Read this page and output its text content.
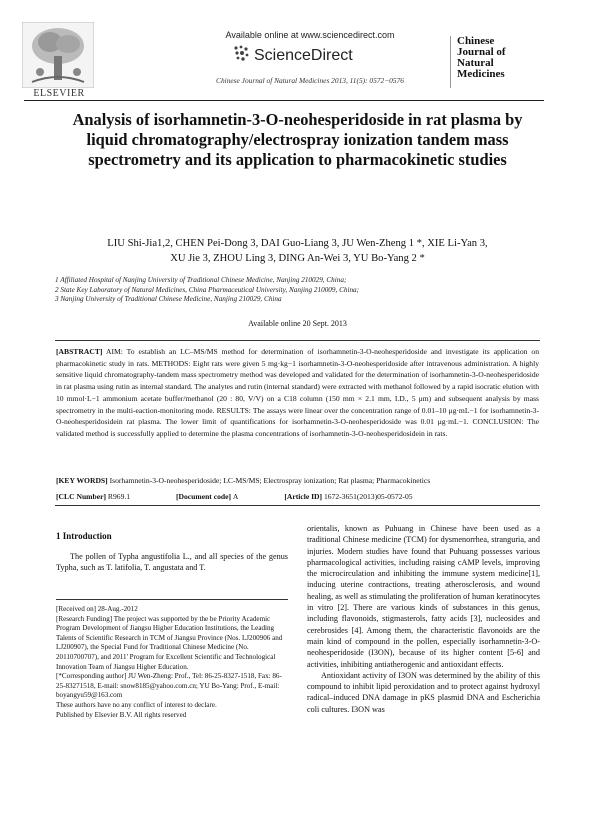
ELSEVIER
Available online at www.sciencedirect.com
ScienceDirect
Chinese Journal of Natural Medicines 2013, 11(5): 0572−0576
Chinese
Journal of
Natural
Medicines
Analysis of isorhamnetin-3-O-neohesperidoside in rat plasma by liquid chromatography/electrospray ionization tandem mass spectrometry and its application to pharmacokinetic studies
LIU Shi-Jia1,2, CHEN Pei-Dong 3, DAI Guo-Liang 3, JU Wen-Zheng 1 *, XIE Li-Yan 3,
XU Jie 3, ZHOU Ling 3, DING An-Wei 3, YU Bo-Yang 2 *
1 Affiliated Hospital of Nanjing University of Traditional Chinese Medicine, Nanjing 210029, China;
2 State Key Laboratory of Natural Medicines, China Pharmaceutical University, Nanjing 210009, China;
3 Nanjing University of Traditional Chinese Medicine, Nanjing 210029, China
Available online 20 Sept. 2013
[ABSTRACT] AIM: To establish an LC–MS/MS method for determination of isorhamnetin-3-O-neohesperidoside and investigate its application on pharmacokinetic study in rats. METHODS: Eight rats were given 5 mg·kg−1 isorhamnetin-3-O-neohesperidoside after intravenous administration. A highly sensitive liquid chromatography-tandem mass spectrometry method was developed and validated for the determination of isorhamnetin-3-O-neohesperidoside in rat plasma using rutin as internal standard. The analytes and rutin (internal standard) were extracted with methanol followed by a rapid isocratic elution with 10 mmol·L−1 ammonium acetate buffer/methanol (20 : 80, V/V) on a C18 column (150 mm × 2.1 mm, I.D., 5 μm) and subsequent analysis by mass spectrometry in the multi-eaction-monitoring mode. RESULTS: The assays were linear over the concentration range of 0.01–10 μg·mL−1 for isorhamnetin-3-O-neohesperidosidein rat plasma. The lower limit of quantifications for isorhamnetin-3-O-neohesperidoside was 0.01 μg·mL−1. CONCLUSION: The validated method is successfully applied to determine the plasma concentrations of isorhamnetin-3-O-neohesperidosidein in rats.
[KEY WORDS] Isorhamnetin-3-O-neohesperidoside; LC-MS/MS; Electrospray ionization; Rat plasma; Pharmacokinetics
[CLC Number] R969.1	[Document code] A	[Article ID] 1672-3651(2013)05-0572-05
1 Introduction
The pollen of Typha angustifolia L., and all species of the genus Typha, such as T. latifolia, T. angustata and T.
[Received on] 28-Aug.-2012
[Research Funding] The project was supported by the be Priority Academic Program Development of Jiangsu Higher Education Institutions, the Leading Talents of Scientific Research in TCM of Jiangsu Province (Nos. LJ200906 and LJ200907), the Special Fund for Traditional Chinese Medicine (No. 20110700707), and 2011' Program for Excellent Scientific and Technological Innovation Team of Jiangsu Higher Education.
[*Corresponding author] JU Wen-Zheng: Prof., Tel: 86-25-8327-1518, Fax: 86-25-83271518, E-mail: snow8185@yahoo.com.cn; YU Bo-Yang: Prof., E-mail: boyangyu59@163.com
These authors have no any conflict of interest to declare.
Published by Elsevier B.V. All rights reserved
orientalis, known as Puhuang in Chinese have been used as a traditional Chinese medicine (TCM) for dysmenorrhea, stranguria, and injuries. Modern studies have found that Puhuang possesses various pharmacological activities, including raising cAMP levels, improving the microcirculation and inhibiting the immune system medicine[1], inducing uterine contractions, treating atherosclerosis, and wound healing, as well as stimulating the proliferation of human keratinocytes in vitro [2]. There are various kinds of substances in this genus, including flavonoids, stigmasterols, fatty acids [3], nucleosides and cerebrosides [4]. Among them, the characteristic flavonoids are the main kind of compound in the pollen, especially isorhamnetin-3-O-neohesperidoside (I3ON), because of its higher content [5-6] and activities, inhibiting antiatherogenic and antioxidant effects.
Antioxidant activity of I3ON was determined by the ability of this compound to inhibit lipid peroxidation and to protect against hydroxyl radical–induced DNA damage in pKS plasmid DNA and Escherichia coli cultures. I3ON was
